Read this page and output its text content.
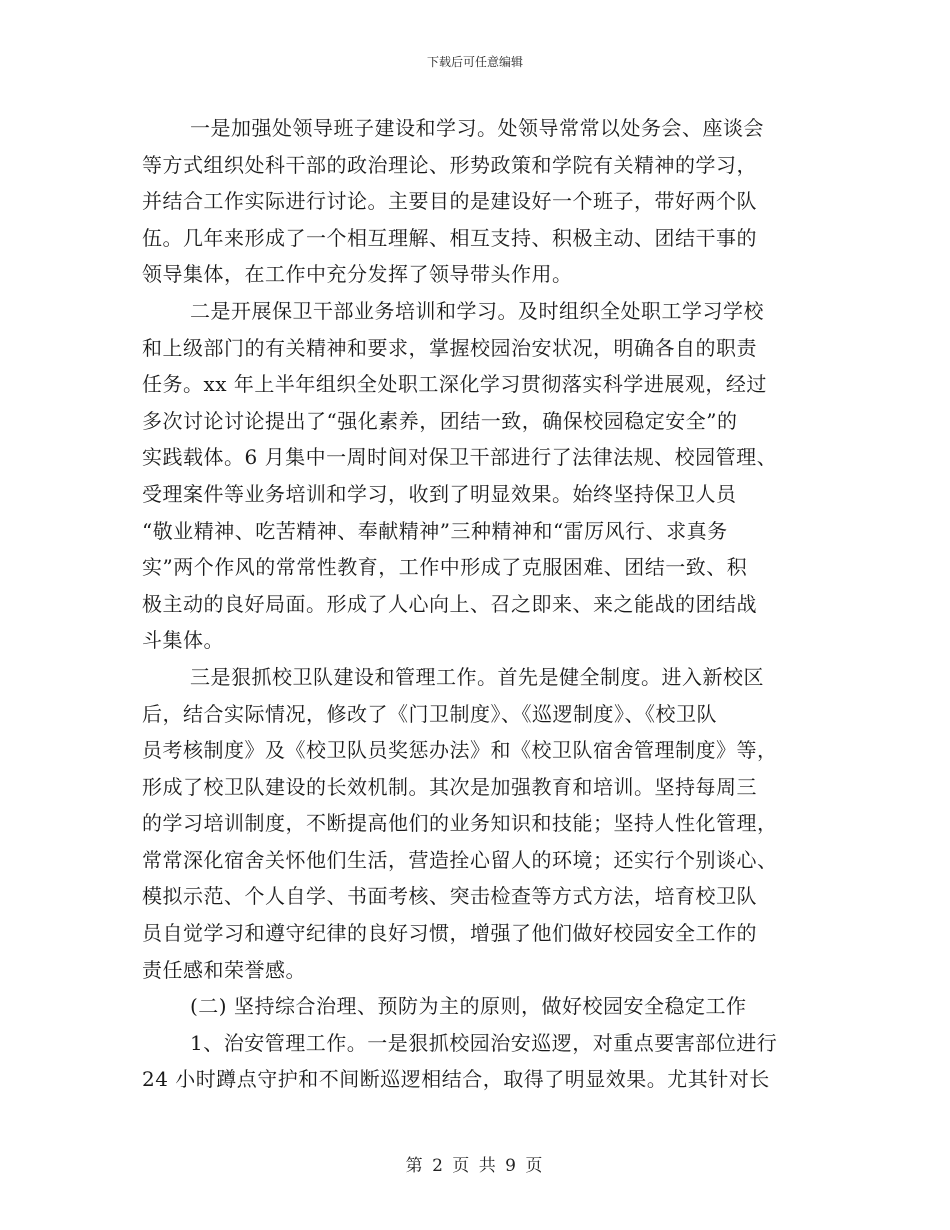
下载后可任意编辑
一是加强处领导班子建设和学习。处领导常常以处务会、座谈会
等方式组织处科干部的政治理论、形势政策和学院有关精神的学习，
并结合工作实际进行讨论。主要目的是建设好一个班子，带好两个队
伍。几年来形成了一个相互理解、相互支持、积极主动、团结干事的
领导集体，在工作中充分发挥了领导带头作用。
二是开展保卫干部业务培训和学习。及时组织全处职工学习学校
和上级部门的有关精神和要求，掌握校园治安状况，明确各自的职责
任务。xx 年上半年组织全处职工深化学习贯彻落实科学进展观，经过
多次讨论讨论提出了“强化素养，团结一致，确保校园稳定安全”的
实践载体。6 月集中一周时间对保卫干部进行了法律法规、校园管理、
受理案件等业务培训和学习，收到了明显效果。始终坚持保卫人员
“敬业精神、吃苦精神、奉献精神”三种精神和“雷厉风行、求真务
实”两个作风的常常性教育，工作中形成了克服困难、团结一致、积
极主动的良好局面。形成了人心向上、召之即来、来之能战的团结战
斗集体。
三是狠抓校卫队建设和管理工作。首先是健全制度。进入新校区
后，结合实际情况，修改了《门卫制度》、《巡逻制度》、《校卫队
员考核制度》及《校卫队员奖惩办法》和《校卫队宿舍管理制度》等，
形成了校卫队建设的长效机制。其次是加强教育和培训。坚持每周三
的学习培训制度，不断提高他们的业务知识和技能；坚持人性化管理，
常常深化宿舍关怀他们生活，营造拴心留人的环境；还实行个别谈心、
模拟示范、个人自学、书面考核、突击检查等方式方法，培育校卫队
员自觉学习和遵守纪律的良好习惯，增强了他们做好校园安全工作的
责任感和荣誉感。
(二) 坚持综合治理、预防为主的原则，做好校园安全稳定工作
1、治安管理工作。一是狠抓校园治安巡逻，对重点要害部位进行
24 小时蹲点守护和不间断巡逻相结合，取得了明显效果。尤其针对长
第 2 页 共 9 页
